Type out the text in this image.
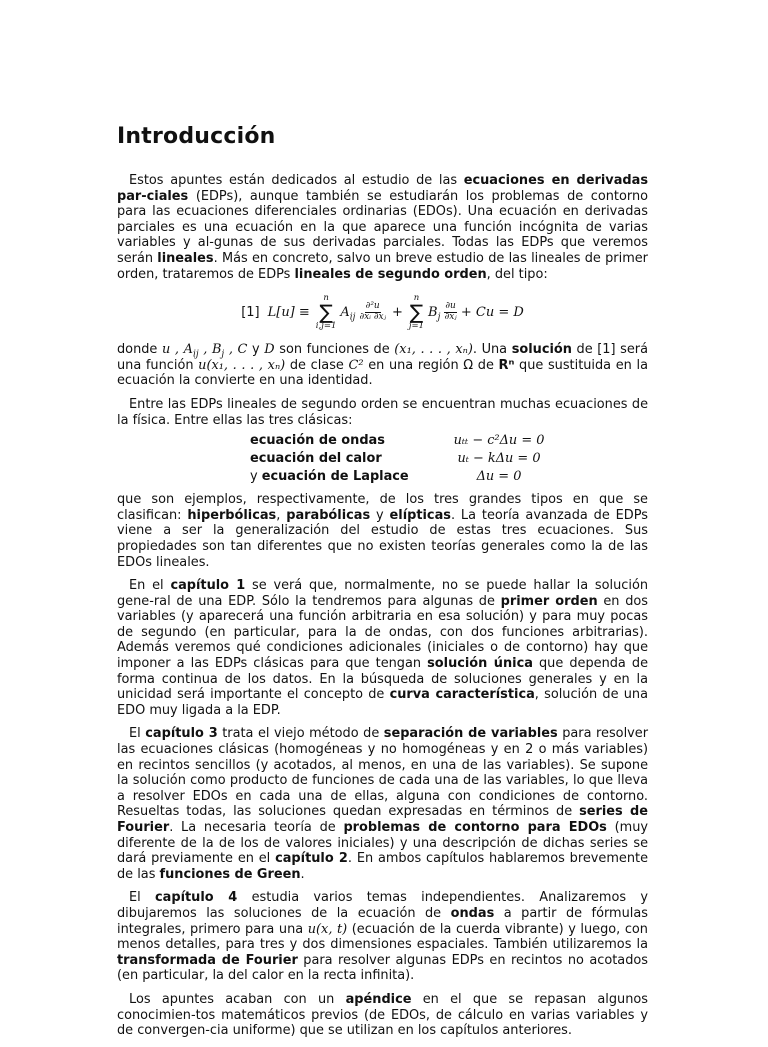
Introducción

Estos apuntes están dedicados al estudio de las ecuaciones en derivadas par-ciales (EDPs), aunque también se estudiarán los problemas de contorno para las ecuaciones diferenciales ordinarias (EDOs). Una ecuación en derivadas parciales es una ecuación en la que aparece una función incógnita de varias variables y al-gunas de sus derivadas parciales. Todas las EDPs que veremos serán lineales. Más en concreto, salvo un breve estudio de las lineales de primer orden, trataremos de EDPs lineales de segundo orden, del tipo:

[1] L[u] ≡
n
∑
i,j=1
$A_{ij} \frac{\text{∂²u}}{\text{∂xᵢ ∂xⱼ}}$ +
n
∑
j=1
$B_j \frac{\partial u}{\text{∂xⱼ}} + Cu = D$

donde u , $A_{ij}$ , $B_j$ , C y D son funciones de (x₁, . . . , xₙ). Una solución de [1] será una función u(x₁, . . . , xₙ) de clase C² en una región Ω de Rⁿ que sustituida en la ecuación la convierte en una identidad.

Entre las EDPs lineales de segundo orden se encuentran muchas ecuaciones de la física. Entre ellas las tres clásicas:

ecuación de ondas	uₜₜ − c²Δu = 0
ecuación del calor	uₜ − kΔu = 0
y ecuación de Laplace	Δu = 0

que son ejemplos, respectivamente, de los tres grandes tipos en que se clasifican: hiperbólicas, parabólicas y elípticas. La teoría avanzada de EDPs viene a ser la generalización del estudio de estas tres ecuaciones. Sus propiedades son tan diferentes que no existen teorías generales como la de las EDOs lineales.

En el capítulo 1 se verá que, normalmente, no se puede hallar la solución gene-ral de una EDP. Sólo la tendremos para algunas de primer orden en dos variables (y aparecerá una función arbitraria en esa solución) y para muy pocas de segundo (en particular, para la de ondas, con dos funciones arbitrarias). Además veremos qué condiciones adicionales (iniciales o de contorno) hay que imponer a las EDPs clásicas para que tengan solución única que dependa de forma continua de los datos. En la búsqueda de soluciones generales y en la unicidad será importante el concepto de curva característica, solución de una EDO muy ligada a la EDP.

El capítulo 3 trata el viejo método de separación de variables para resolver las ecuaciones clásicas (homogéneas y no homogéneas y en 2 o más variables) en recintos sencillos (y acotados, al menos, en una de las variables). Se supone la solución como producto de funciones de cada una de las variables, lo que lleva a resolver EDOs en cada una de ellas, alguna con condiciones de contorno. Resueltas todas, las soluciones quedan expresadas en términos de series de Fourier. La necesaria teoría de problemas de contorno para EDOs (muy diferente de la de los de valores iniciales) y una descripción de dichas series se dará previamente en el capítulo 2. En ambos capítulos hablaremos brevemente de las funciones de Green.

El capítulo 4 estudia varios temas independientes. Analizaremos y dibujaremos las soluciones de la ecuación de ondas a partir de fórmulas integrales, primero para una u(x, t) (ecuación de la cuerda vibrante) y luego, con menos detalles, para tres y dos dimensiones espaciales. También utilizaremos la transformada de Fourier para resolver algunas EDPs en recintos no acotados (en particular, la del calor en la recta infinita).

Los apuntes acaban con un apéndice en el que se repasan algunos conocimien-tos matemáticos previos (de EDOs, de cálculo en varias variables y de convergen-cia uniforme) que se utilizan en los capítulos anteriores.
